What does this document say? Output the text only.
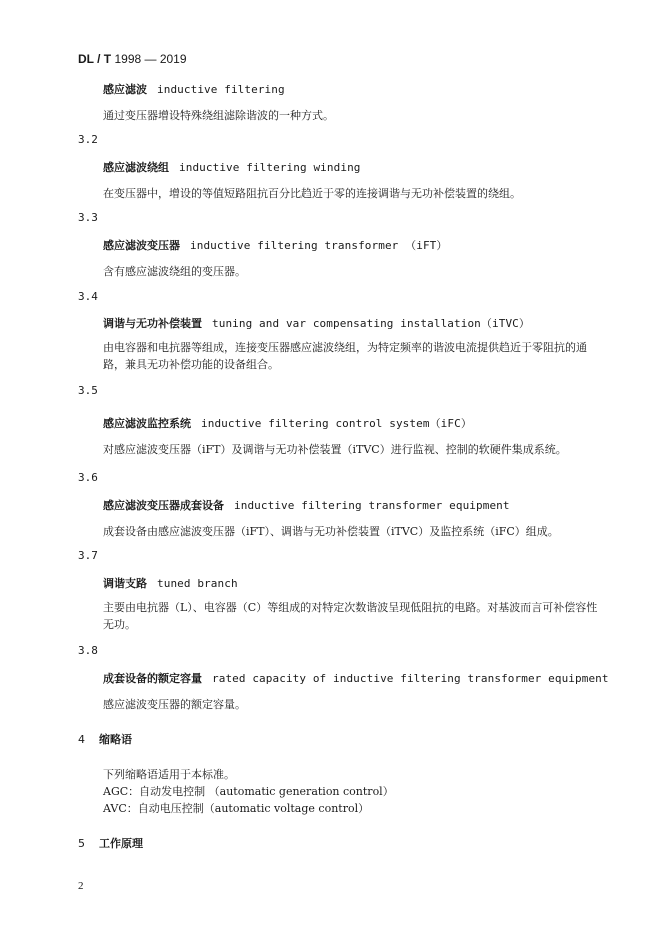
DL / T 1998 — 2019
感应滤波 inductive filtering
通过变压器增设特殊绕组滤除谐波的一种方式。
3.2
感应滤波绕组 inductive filtering winding
在变压器中，增设的等值短路阻抗百分比趋近于零的连接调谐与无功补偿装置的绕组。
3.3
感应滤波变压器 inductive filtering transformer （iFT）
含有感应滤波绕组的变压器。
3.4
调谐与无功补偿装置 tuning and var compensating installation（iTVC）
由电容器和电抗器等组成，连接变压器感应滤波绕组，为特定频率的谐波电流提供趋近于零阻抗的通路，兼具无功补偿功能的设备组合。
3.5
感应滤波监控系统 inductive filtering control system（iFC）
对感应滤波变压器（iFT）及调谐与无功补偿装置（iTVC）进行监视、控制的软硬件集成系统。
3.6
感应滤波变压器成套设备 inductive filtering transformer equipment
成套设备由感应滤波变压器（iFT）、调谐与无功补偿装置（iTVC）及监控系统（iFC）组成。
3.7
调谐支路 tuned branch
主要由电抗器（L）、电容器（C）等组成的对特定次数谐波呈现低阻抗的电路。对基波而言可补偿容性无功。
3.8
成套设备的额定容量 rated capacity of inductive filtering transformer equipment
感应滤波变压器的额定容量。
4 缩略语
下列缩略语适用于本标准。
AGC：自动发电控制 （automatic generation control）
AVC：自动电压控制（automatic voltage control）
5 工作原理
2
